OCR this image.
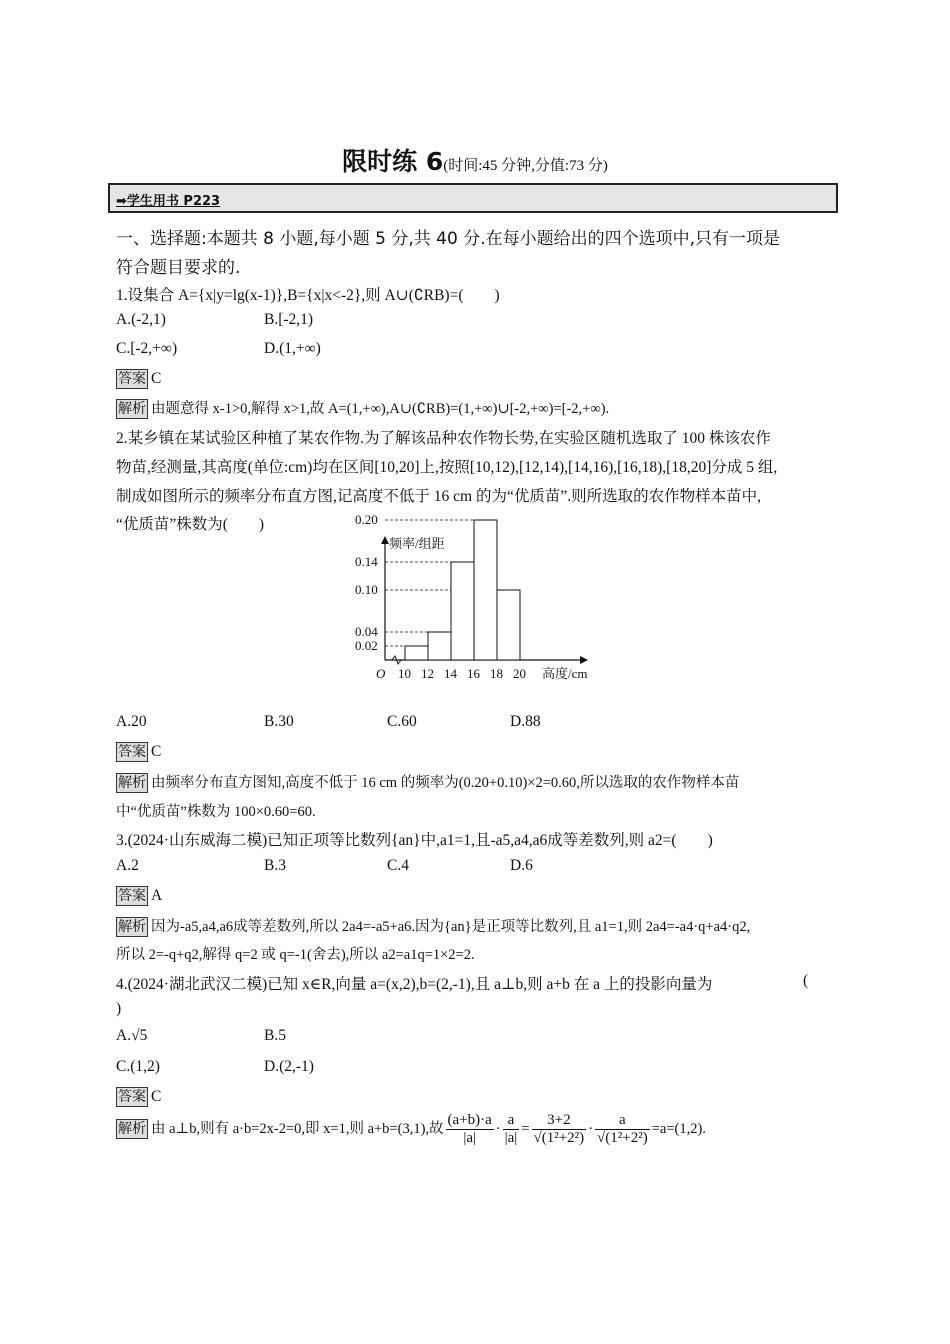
限时练 6(时间:45 分钟,分值:73 分)
➡学生用书 P223
一、选择题:本题共 8 小题,每小题 5 分,共 40 分.在每小题给出的四个选项中,只有一项是
符合题目要求的.
1.设集合 A={x|y=lg(x-1)},B={x|x<-2},则 A∪(∁RB)=(　　)
A.(-2,1)	B.[-2,1)
C.[-2,+∞)	D.(1,+∞)
答案 C
解析 由题意得 x-1>0,解得 x>1,故 A=(1,+∞),A∪(∁RB)=(1,+∞)∪[-2,+∞)=[-2,+∞).
2.某乡镇在某试验区种植了某农作物.为了解该品种农作物长势,在实验区随机选取了 100 株该农作
物苗,经测量,其高度(单位:cm)均在区间[10,20]上,按照[10,12),[12,14),[14,16),[16,18),[18,20]分成 5 组,
制成如图所示的频率分布直方图,记高度不低于 16 cm 的为“优质苗”.则所选取的农作物样本苗中,
“优质苗”株数为(　　)
频率/组距
高度/cm
O
0.02
0.04
0.10
0.14
0.20
10 12 14 16 18 20
A.20	B.30	C.60	D.88
答案 C
解析 由频率分布直方图知,高度不低于 16 cm 的频率为(0.20+0.10)×2=0.60,所以选取的农作物样本苗
中“优质苗”株数为 100×0.60=60.
3.(2024·山东威海二模)已知正项等比数列{an}中,a1=1,且-a5,a4,a6成等差数列,则 a2=(　　)
A.2	B.3	C.4	D.6
答案 A
解析 因为-a5,a4,a6成等差数列,所以 2a4=-a5+a6.因为{an}是正项等比数列,且 a1=1,则 2a4=-a4·q+a4·q2,
所以 2=-q+q2,解得 q=2 或 q=-1(舍去),所以 a2=a1q=1×2=2.
4.(2024·湖北武汉二模)已知 x∈R,向量 a=(x,2),b=(2,-1),且 a⊥b,则 a+b 在 a 上的投影向量为	(
)
A.√5	B.5
C.(1,2)	D.(2,-1)
答案 C
解析 由 a⊥b,则有 a·b=2x-2=0,即 x=1,则 a+b=(3,1),故 $\frac{(a+b)\cdot a}{|a|} \cdot \frac{a}{|a|} = \frac{3+2}{\text{√(1²+2²)}} \cdot \frac{a}{\text{√(1²+2²)}} =a=(1,2)$.
